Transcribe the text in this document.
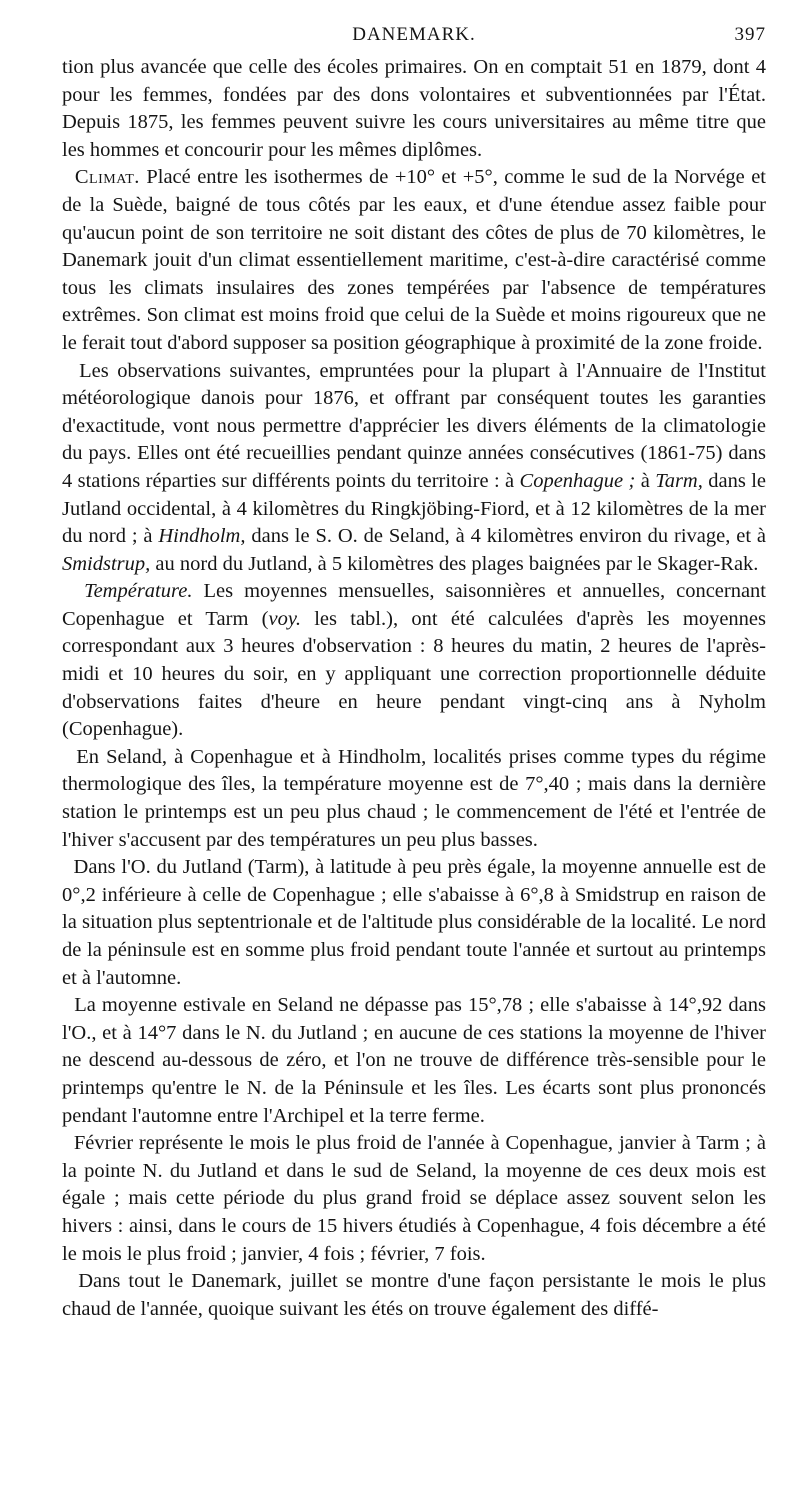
DANEMARK.	397

tion plus avancée que celle des écoles primaires. On en comptait 51 en 1879, dont 4 pour les femmes, fondées par des dons volontaires et subventionnées par l'État. Depuis 1875, les femmes peuvent suivre les cours universitaires au même titre que les hommes et concourir pour les mêmes diplômes.

Climat. Placé entre les isothermes de +10° et +5°, comme le sud de la Norvége et de la Suède, baigné de tous côtés par les eaux, et d'une étendue assez faible pour qu'aucun point de son territoire ne soit distant des côtes de plus de 70 kilomètres, le Danemark jouit d'un climat essentiellement maritime, c'est-à-dire caractérisé comme tous les climats insulaires des zones tempérées par l'absence de températures extrêmes. Son climat est moins froid que celui de la Suède et moins rigoureux que ne le ferait tout d'abord supposer sa position géographique à proximité de la zone froide.

Les observations suivantes, empruntées pour la plupart à l'Annuaire de l'Institut météorologique danois pour 1876, et offrant par conséquent toutes les garanties d'exactitude, vont nous permettre d'apprécier les divers éléments de la climatologie du pays. Elles ont été recueillies pendant quinze années consécutives (1861-75) dans 4 stations réparties sur différents points du territoire : à Copenhague ; à Tarm, dans le Jutland occidental, à 4 kilomètres du Ringkjöbing-Fiord, et à 12 kilomètres de la mer du nord ; à Hindholm, dans le S. O. de Seland, à 4 kilomètres environ du rivage, et à Smidstrup, au nord du Jutland, à 5 kilomètres des plages baignées par le Skager-Rak.

Température. Les moyennes mensuelles, saisonnières et annuelles, concernant Copenhague et Tarm (voy. les tabl.), ont été calculées d'après les moyennes correspondant aux 3 heures d'observation : 8 heures du matin, 2 heures de l'après-midi et 10 heures du soir, en y appliquant une correction proportionnelle déduite d'observations faites d'heure en heure pendant vingt-cinq ans à Nyholm (Copenhague).

En Seland, à Copenhague et à Hindholm, localités prises comme types du régime thermologique des îles, la température moyenne est de 7°,40 ; mais dans la dernière station le printemps est un peu plus chaud ; le commencement de l'été et l'entrée de l'hiver s'accusent par des températures un peu plus basses.

Dans l'O. du Jutland (Tarm), à latitude à peu près égale, la moyenne annuelle est de 0°,2 inférieure à celle de Copenhague ; elle s'abaisse à 6°,8 à Smidstrup en raison de la situation plus septentrionale et de l'altitude plus considérable de la localité. Le nord de la péninsule est en somme plus froid pendant toute l'année et surtout au printemps et à l'automne.

La moyenne estivale en Seland ne dépasse pas 15°,78 ; elle s'abaisse à 14°,92 dans l'O., et à 14°7 dans le N. du Jutland ; en aucune de ces stations la moyenne de l'hiver ne descend au-dessous de zéro, et l'on ne trouve de différence très-sensible pour le printemps qu'entre le N. de la Péninsule et les îles. Les écarts sont plus prononcés pendant l'automne entre l'Archipel et la terre ferme.

Février représente le mois le plus froid de l'année à Copenhague, janvier à Tarm ; à la pointe N. du Jutland et dans le sud de Seland, la moyenne de ces deux mois est égale ; mais cette période du plus grand froid se déplace assez souvent selon les hivers : ainsi, dans le cours de 15 hivers étudiés à Copenhague, 4 fois décembre a été le mois le plus froid ; janvier, 4 fois ; février, 7 fois.

Dans tout le Danemark, juillet se montre d'une façon persistante le mois le plus chaud de l'année, quoique suivant les étés on trouve également des diffé-
